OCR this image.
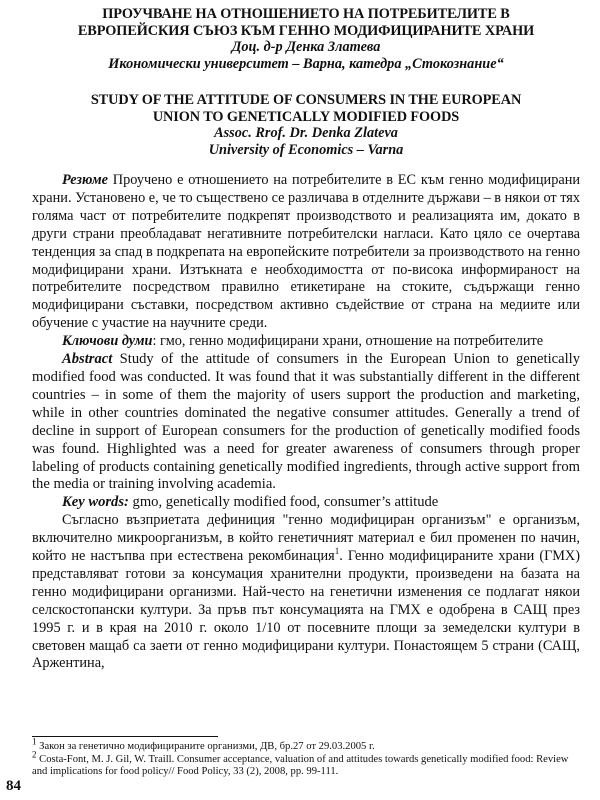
ПРОУЧВАНЕ НА ОТНОШЕНИЕТО НА ПОТРЕБИТЕЛИТЕ В
ЕВРОПЕЙСКИЯ СЪЮЗ КЪМ ГЕННО МОДИФИЦИРАНИТЕ ХРАНИ
Доц. д-р Денка Златева
Икономически университет – Варна, катедра „Стокознание“
STUDY OF THE ATTITUDE OF CONSUMERS IN THE EUROPEAN
UNION TO GENETICALLY MODIFIED FOODS
Assoc. Rrof. Dr. Denka Zlateva
University of Economics – Varna

Резюме Проучено е отношението на потребителите в ЕС към генно модифицирани храни. Установено е, че то съществено се различава в отделните държави – в някои от тях голяма част от потребителите подкрепят производството и реализацията им, докато в други страни преобладават негативните потребителски нагласи. Като цяло се очертава тенденция за спад в подкрепата на европейските потребители за производството на генно модифицирани храни. Изтъкната е необходимостта от по-висока информираност на потребителите посредством правилно етикетиране на стоките, съдържащи генно модифицирани съставки, посредством активно съдействие от страна на медиите или обучение с участие на научните среди.

Ключови думи: гмо, генно модифицирани храни, отношение на потребителите

Abstract Study of the attitude of consumers in the European Union to genetically modified food was conducted. It was found that it was substantially different in the different countries – in some of them the majority of users support the production and marketing, while in other countries dominated the negative consumer attitudes. Generally a trend of decline in support of European consumers for the production of genetically modified foods was found. Highlighted was a need for greater awareness of consumers through proper labeling of products containing genetically modified ingredients, through active support from the media or training involving academia.

Key words: gmo, genetically modified food, consumer’s attitude

Съгласно възприетата дефиниция "генно модифициран организъм" е организъм, включително микроорганизъм, в който генетичният материал е бил променен по начин, който не настъпва при естествена рекомбинация$^1$. Генно модифицираните храни (ГМХ) представляват готови за консумация хранителни продукти, произведени на базата на генно модифицирани организми. Най-често на генетични изменения се подлагат някои селскостопански култури. За пръв път консумацията на ГМХ е одобрена в САЩ през 1995 г. и в края на 2010 г. около 1/10 от посевните площи за земеделски култури в световен мащаб са заети от генно модифицирани култури. Понастоящем 5 страни (САЩ, Аржентина,

$^1$ Закон за генетично модифицираните организми, ДВ, бр.27 от 29.03.2005 г.
$^2$ Costa-Font, M. J. Gil, W. Traill. Consumer acceptance, valuation of and attitudes towards genetically modified food: Review and implications for food policy// Food Policy, 33 (2), 2008, pp. 99-111.
84
